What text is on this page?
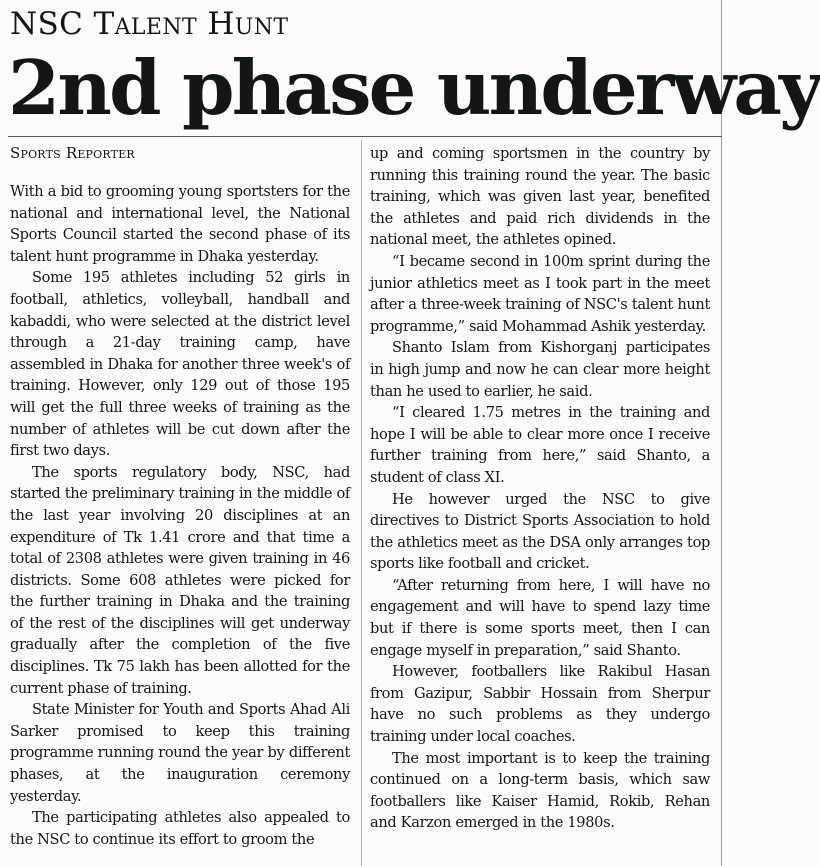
NSC Talent Hunt
2nd phase underway
Sports Reporter

With a bid to grooming young sportsters for the national and international level, the National Sports Council started the second phase of its talent hunt programme in Dhaka yesterday.

Some 195 athletes including 52 girls in football, athletics, volleyball, handball and kabaddi, who were selected at the district level through a 21-day training camp, have assembled in Dhaka for another three week's of training. However, only 129 out of those 195 will get the full three weeks of training as the number of athletes will be cut down after the first two days.

The sports regulatory body, NSC, had started the preliminary training in the middle of the last year involving 20 disciplines at an expenditure of Tk 1.41 crore and that time a total of 2308 athletes were given training in 46 districts. Some 608 athletes were picked for the further training in Dhaka and the training of the rest of the disciplines will get underway gradually after the completion of the five disciplines. Tk 75 lakh has been allotted for the current phase of training.

State Minister for Youth and Sports Ahad Ali Sarker promised to keep this training programme running round the year by different phases, at the inauguration ceremony yesterday.

The participating athletes also appealed to the NSC to continue its effort to groom the

up and coming sportsmen in the country by running this training round the year. The basic training, which was given last year, benefited the athletes and paid rich dividends in the national meet, the athletes opined.

“I became second in 100m sprint during the junior athletics meet as I took part in the meet after a three-week training of NSC's talent hunt programme,” said Mohammad Ashik yesterday.

Shanto Islam from Kishorganj participates in high jump and now he can clear more height than he used to earlier, he said.

“I cleared 1.75 metres in the training and hope I will be able to clear more once I receive further training from here,” said Shanto, a student of class XI.

He however urged the NSC to give directives to District Sports Association to hold the athletics meet as the DSA only arranges top sports like football and cricket.

“After returning from here, I will have no engagement and will have to spend lazy time but if there is some sports meet, then I can engage myself in preparation,” said Shanto.

However, footballers like Rakibul Hasan from Gazipur, Sabbir Hossain from Sherpur have no such problems as they undergo training under local coaches.

The most important is to keep the training continued on a long-term basis, which saw footballers like Kaiser Hamid, Rokib, Rehan and Karzon emerged in the 1980s.
